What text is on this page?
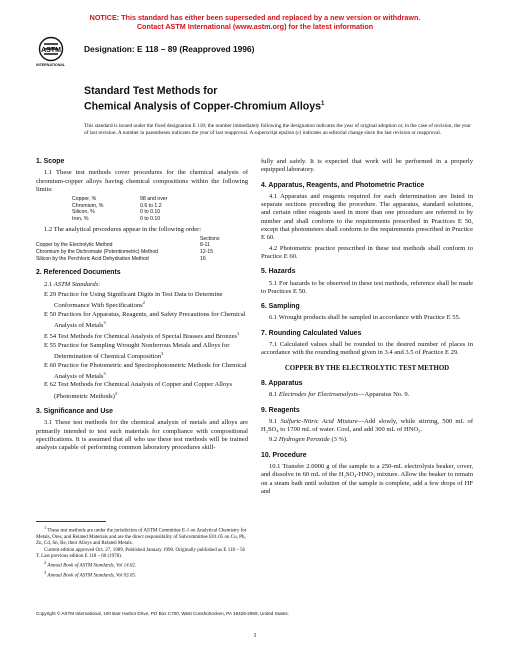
NOTICE: This standard has either been superseded and replaced by a new version or withdrawn.
Contact ASTM International (www.astm.org) for the latest information
ASTM
INTERNATIONAL
Designation: E 118 – 89 (Reapproved 1996)
Standard Test Methods for
Chemical Analysis of Copper-Chromium Alloys$^1$
This standard is issued under the fixed designation E 118; the number immediately following the designation indicates the year of original adoption or, in the case of revision, the year of last revision. A number in parentheses indicates the year of last reapproval. A superscript epsilon (ε) indicates an editorial change since the last revision or reapproval.
1. Scope
1.1 These test methods cover procedures for the chemical analysis of chromium-copper alloys having chemical compositions within the following limits:
Copper, %	98 and over
Chromium, %	0.6 to 1.2
Silicon, %	0 to 0.10
Iron, %	0 to 0.10
1.2 The analytical procedures appear in the following order:
Sections
Copper by the Electrolytic Method	8-11
Chromium by the Dichromate (Potentiometric) Method	12-15
Silicon by the Perchloric Acid Dehydration Method	16
2. Referenced Documents
2.1 ASTM Standards:
E 29 Practice for Using Significant Digits in Test Data to Determine Conformance With Specifications$^2$
E 50 Practices for Apparatus, Reagents, and Safety Precautions for Chemical Analysis of Metals$^3$
E 54 Test Methods for Chemical Analysis of Special Brasses and Bronzes$^3$
E 55 Practice for Sampling Wrought Nonferrous Metals and Alloys for Determination of Chemical Composition$^3$
E 60 Practice for Photometric and Spectrophotometric Methods for Chemical Analysis of Metals$^3$
E 62 Test Methods for Chemical Analysis of Copper and Copper Alloys (Photometric Methods)$^3$
3. Significance and Use
3.1 These test methods for the chemical analysis of metals and alloys are primarily intended to test such materials for compliance with compositional specifications. It is assumed that all who use these test methods will be trained analysts capable of performing common laboratory procedures skill-
$^1$ These test methods are under the jurisdiction of ASTM Committee E-1 on Analytical Chemistry for Metals, Ores, and Related Materials and are the direct responsibility of Subcommittee E01.05 on Cu, Pb, Zn, Cd, Sn, Be, their Alloys and Related Metals.
Current edition approved Oct. 27, 1989. Published January 1990. Originally published as E 118 – 56 T. Last previous edition E 118 – 60 (1978).
$^2$ Annual Book of ASTM Standards, Vol 14.02.
$^3$ Annual Book of ASTM Standards, Vol 03.05.
fully and safely. It is expected that work will be performed in a properly equipped laboratory.
4. Apparatus, Reagents, and Photometric Practice
4.1 Apparatus and reagents required for each determination are listed in separate sections preceding the procedure. The apparatus, standard solutions, and certain other reagents used in more than one procedure are referred to by number and shall conform to the requirements prescribed in Practices E 50, except that photometers shall conform to the requirements prescribed in Practice E 60.
4.2 Photometric practice prescribed in these test methods shall conform to Practice E 60.
5. Hazards
5.1 For hazards to be observed in these test methods, reference shall be made to Practices E 50.
6. Sampling
6.1 Wrought products shall be sampled in accordance with Practice E 55.
7. Rounding Calculated Values
7.1 Calculated values shall be rounded to the desired number of places in accordance with the rounding method given in 3.4 and 3.5 of Practice E 29.
COPPER BY THE ELECTROLYTIC TEST METHOD
8. Apparatus
8.1 Electrodes for Electroanalysis—Apparatus No. 9.
9. Reagents
9.1 Sulfuric-Nitric Acid Mixture—Add slowly, while stirring, 500 mL of H₂SO₄ to 1700 mL of water. Cool, and add 300 mL of HNO₃.
9.2 Hydrogen Peroxide (3 %).
10. Procedure
10.1 Transfer 2.0000 g of the sample to a 250-mL electrolysis beaker, cover, and dissolve in 60 mL of the H₂SO₄-HNO₃ mixture. Allow the beaker to remain on a steam bath until solution of the sample is complete, add a few drops of HF and
Copyright © ASTM International, 100 Barr Harbor Drive, PO Box C700, West Conshohocken, PA 19428-2959, United States.
1
